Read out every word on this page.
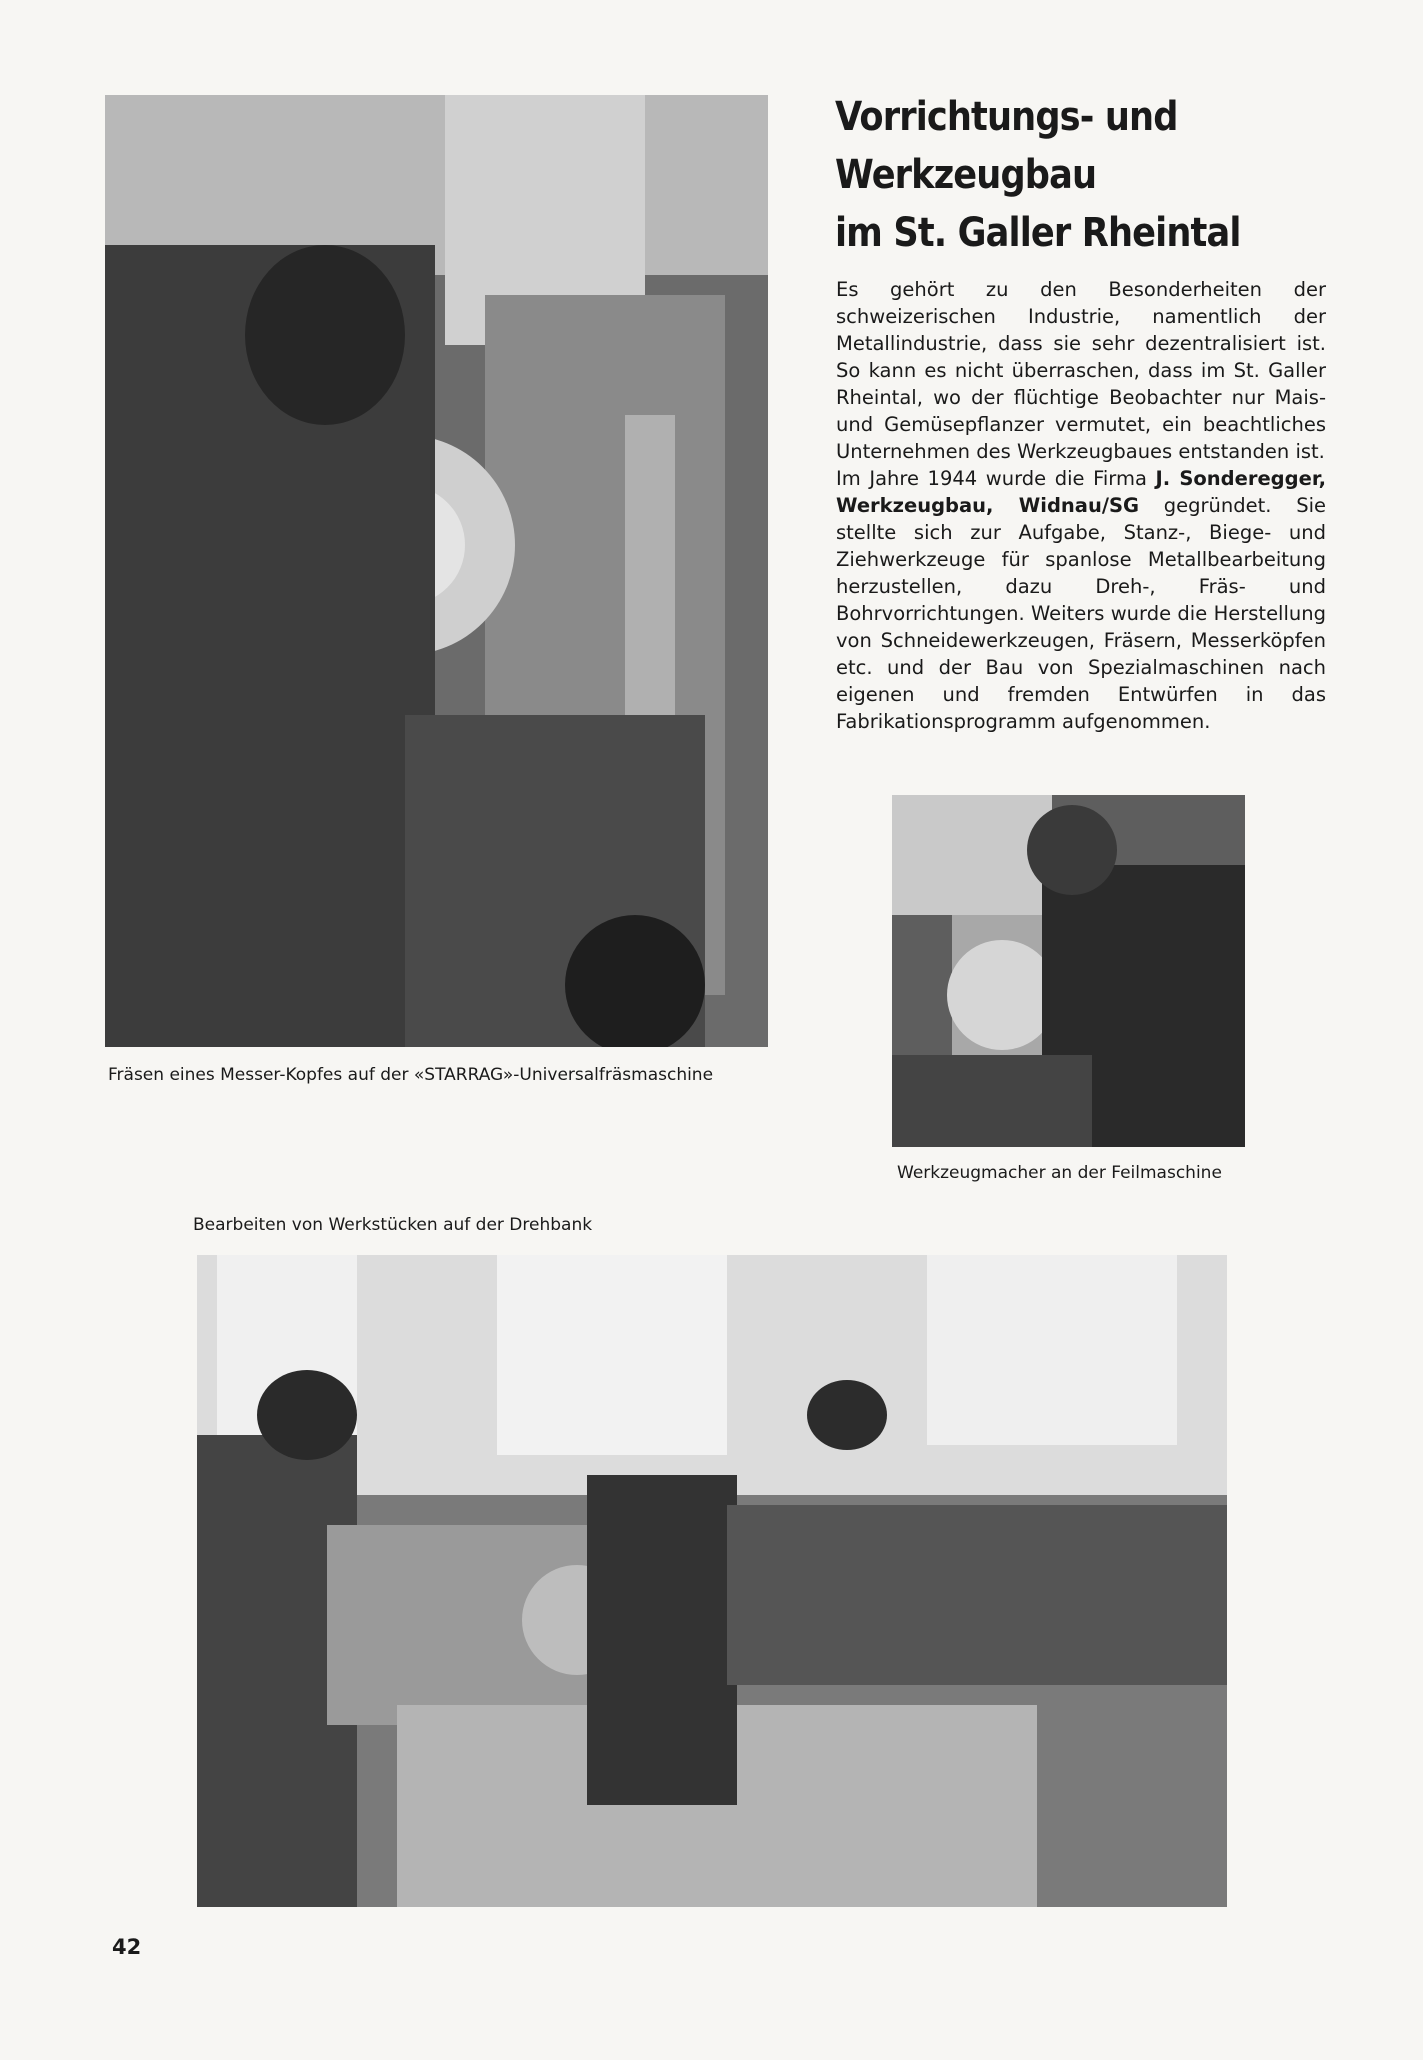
Vorrichtungs- und Werkzeugbau
im St. Galler Rheintal

Es gehört zu den Besonderheiten der schweizerischen Industrie, namentlich der Metallindustrie, dass sie sehr dezentralisiert ist. So kann es nicht überraschen, dass im St. Galler Rheintal, wo der flüchtige Beobachter nur Mais- und Gemüsepflanzer vermutet, ein beachtliches Unternehmen des Werkzeugbaues entstanden ist.

Im Jahre 1944 wurde die Firma J. Sonderegger, Werkzeugbau, Widnau/SG gegründet. Sie stellte sich zur Aufgabe, Stanz-, Biege- und Ziehwerkzeuge für spanlose Metallbearbeitung herzustellen, dazu Dreh-, Fräs- und Bohrvorrichtungen. Weiters wurde die Herstellung von Schneidewerkzeugen, Fräsern, Messerköpfen etc. und der Bau von Spezialmaschinen nach eigenen und fremden Entwürfen in das Fabrikationsprogramm aufgenommen.

Fräsen eines Messer-Kopfes auf der «STARRAG»-Universalfräsmaschine
Werkzeugmacher an der Feilmaschine
Bearbeiten von Werkstücken auf der Drehbank
42
